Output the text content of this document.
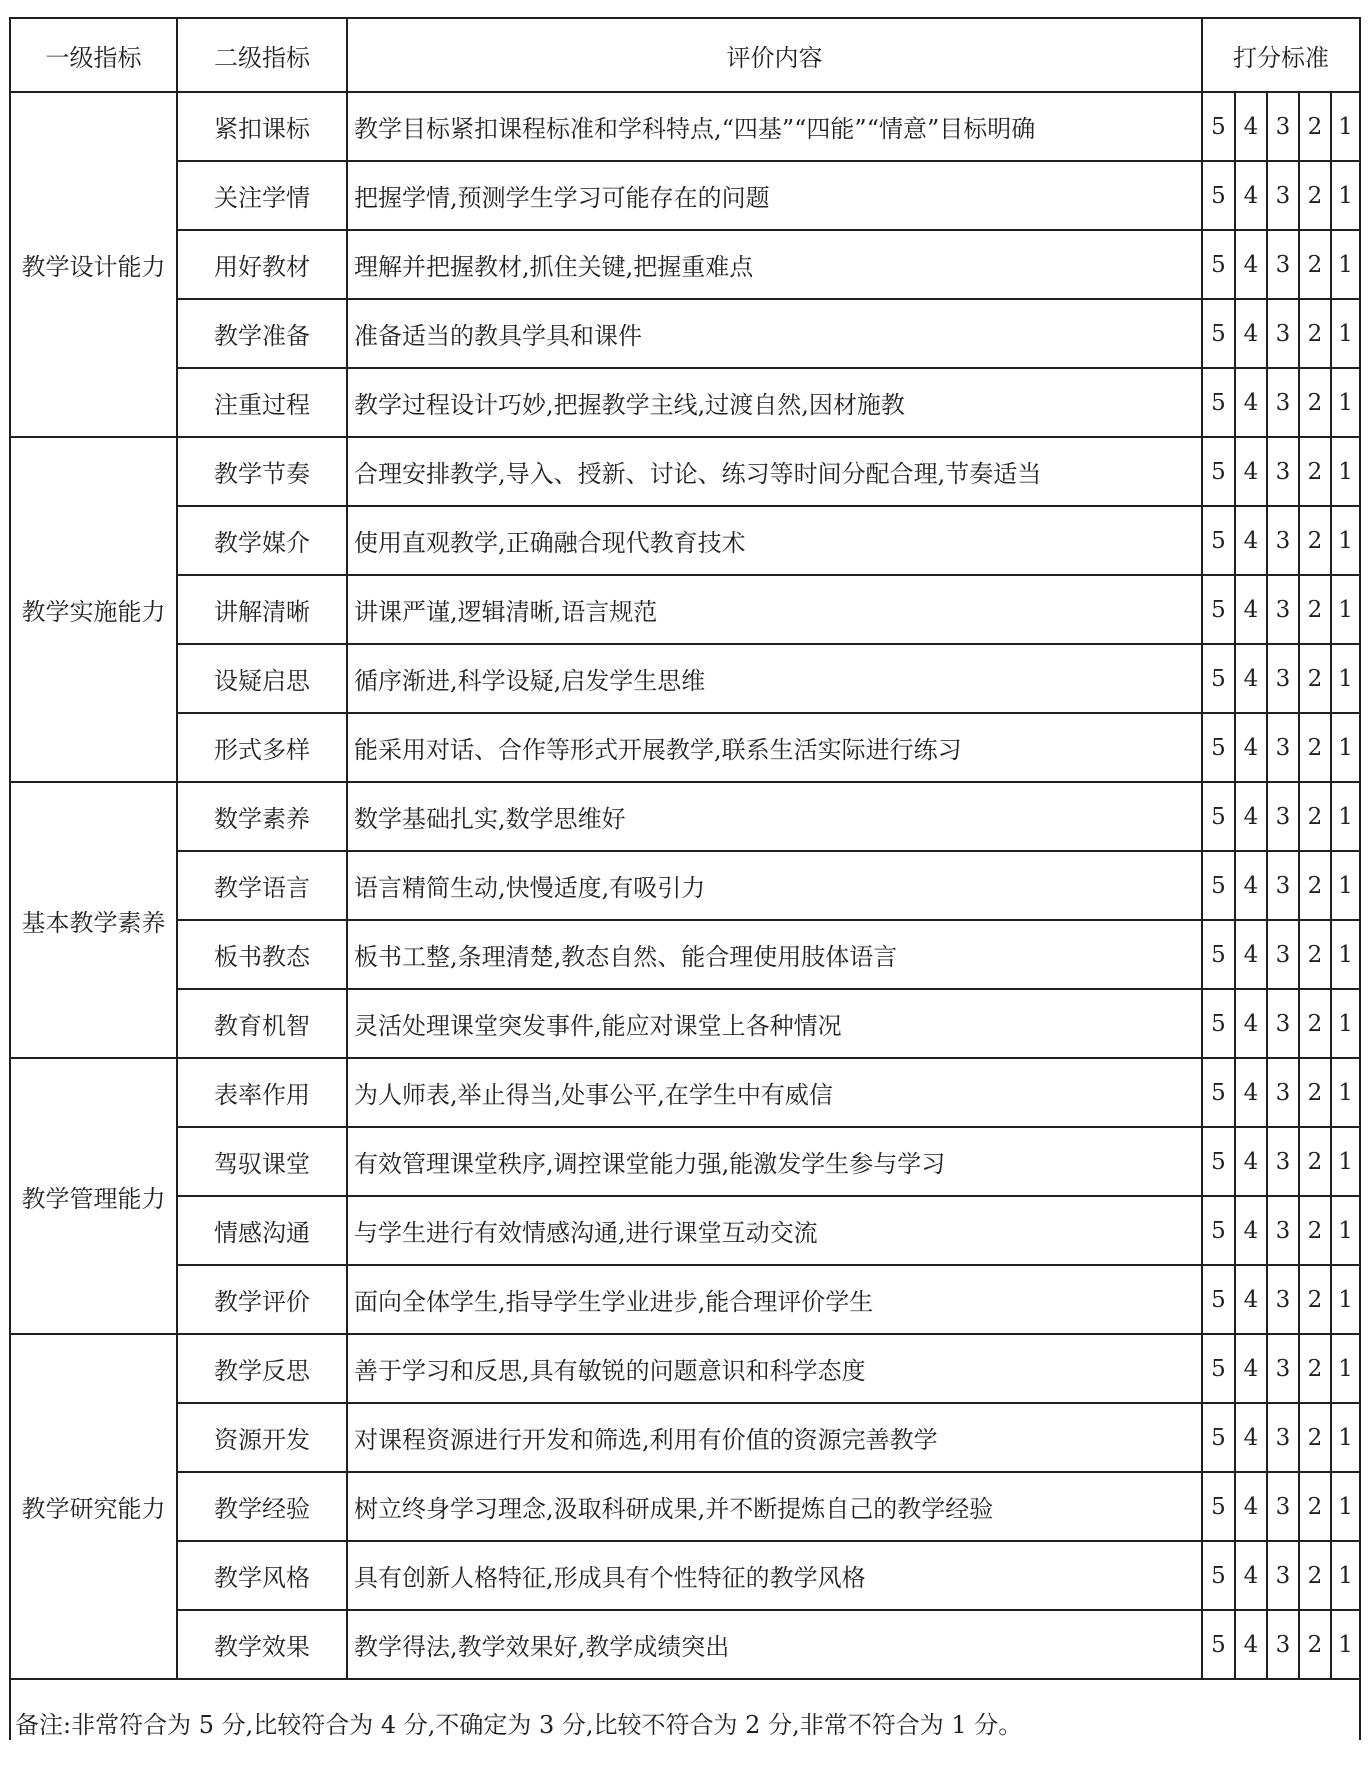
一级指标	二级指标	评价内容	打分标准				
教学设计能力	紧扣课标	教学目标紧扣课程标准和学科特点,“四基”“四能”“情意”目标明确	5	4	3	2	1
	关注学情	把握学情,预测学生学习可能存在的问题	5	4	3	2	1
	用好教材	理解并把握教材,抓住关键,把握重难点	5	4	3	2	1
	教学准备	准备适当的教具学具和课件	5	4	3	2	1
	注重过程	教学过程设计巧妙,把握教学主线,过渡自然,因材施教	5	4	3	2	1
教学实施能力	教学节奏	合理安排教学,导入、授新、讨论、练习等时间分配合理,节奏适当	5	4	3	2	1
	教学媒介	使用直观教学,正确融合现代教育技术	5	4	3	2	1
	讲解清晰	讲课严谨,逻辑清晰,语言规范	5	4	3	2	1
	设疑启思	循序渐进,科学设疑,启发学生思维	5	4	3	2	1
	形式多样	能采用对话、合作等形式开展教学,联系生活实际进行练习	5	4	3	2	1
基本教学素养	数学素养	数学基础扎实,数学思维好	5	4	3	2	1
	教学语言	语言精简生动,快慢适度,有吸引力	5	4	3	2	1
	板书教态	板书工整,条理清楚,教态自然、能合理使用肢体语言	5	4	3	2	1
	教育机智	灵活处理课堂突发事件,能应对课堂上各种情况	5	4	3	2	1
教学管理能力	表率作用	为人师表,举止得当,处事公平,在学生中有威信	5	4	3	2	1
	驾驭课堂	有效管理课堂秩序,调控课堂能力强,能激发学生参与学习	5	4	3	2	1
	情感沟通	与学生进行有效情感沟通,进行课堂互动交流	5	4	3	2	1
	教学评价	面向全体学生,指导学生学业进步,能合理评价学生	5	4	3	2	1
教学研究能力	教学反思	善于学习和反思,具有敏锐的问题意识和科学态度	5	4	3	2	1
	资源开发	对课程资源进行开发和筛选,利用有价值的资源完善教学	5	4	3	2	1
	教学经验	树立终身学习理念,汲取科研成果,并不断提炼自己的教学经验	5	4	3	2	1
	教学风格	具有创新人格特征,形成具有个性特征的教学风格	5	4	3	2	1
	教学效果	教学得法,教学效果好,教学成绩突出	5	4	3	2	1
备注:非常符合为 5 分,比较符合为 4 分,不确定为 3 分,比较不符合为 2 分,非常不符合为 1 分。							
